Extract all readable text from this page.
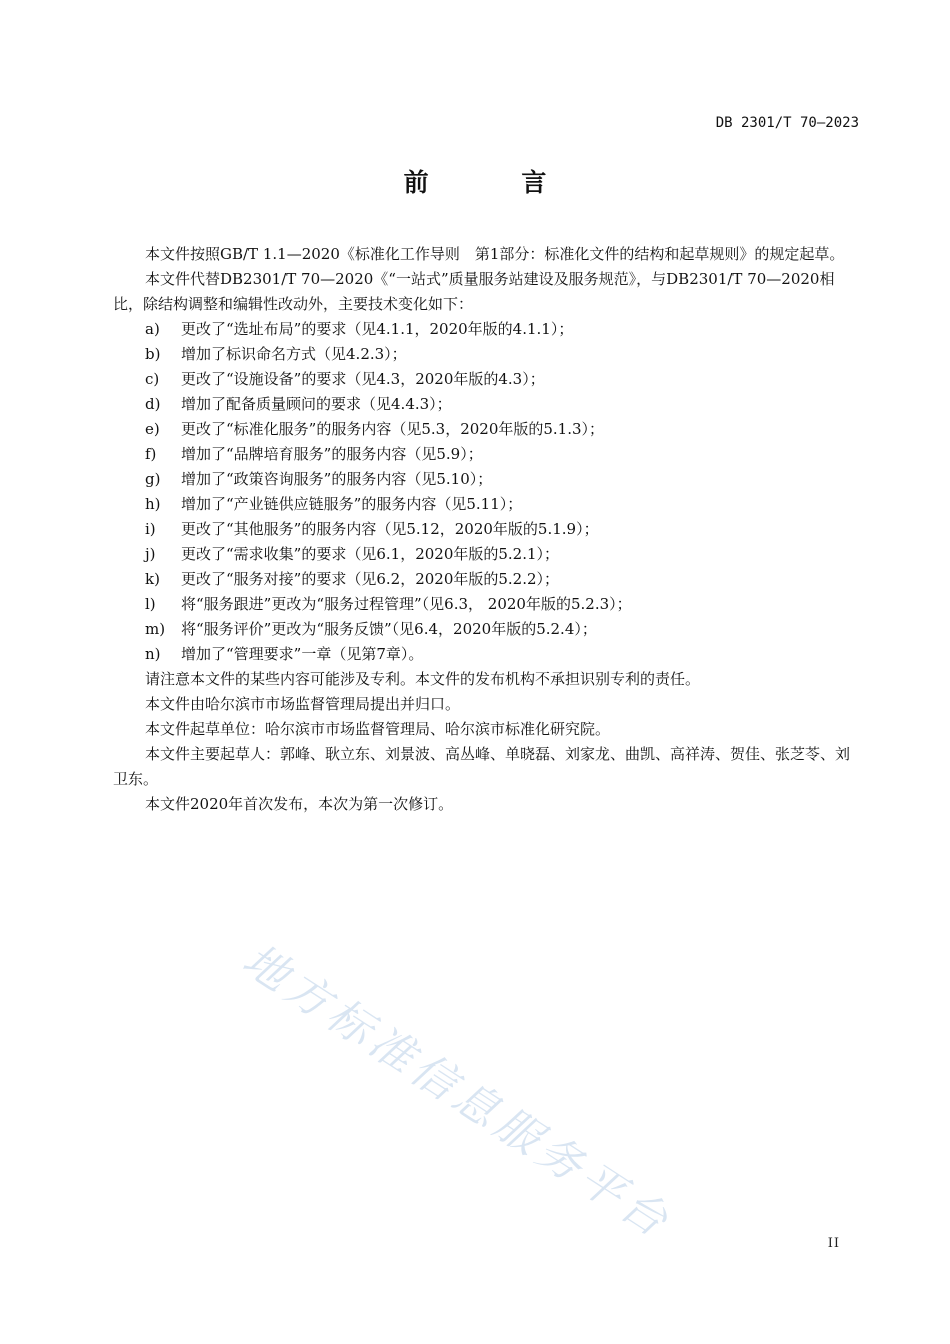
DB 2301/T 70—2023
前 言

本文件按照GB/T 1.1—2020《标准化工作导则　第1部分：标准化文件的结构和起草规则》的规定起草。

本文件代替DB2301/T 70—2020《“一站式”质量服务站建设及服务规范》，与DB2301/T 70—2020相比，除结构调整和编辑性改动外，主要技术变化如下：

a) 更改了“选址布局”的要求（见4.1.1，2020年版的4.1.1）；

b) 增加了标识命名方式（见4.2.3）；

c) 更改了“设施设备”的要求（见4.3，2020年版的4.3）；

d) 增加了配备质量顾问的要求（见4.4.3）；

e) 更改了“标准化服务”的服务内容（见5.3，2020年版的5.1.3）；

f) 增加了“品牌培育服务”的服务内容（见5.9）；

g) 增加了“政策咨询服务”的服务内容（见5.10）；

h) 增加了“产业链供应链服务”的服务内容（见5.11）；

i) 更改了“其他服务”的服务内容（见5.12，2020年版的5.1.9）；

j) 更改了“需求收集”的要求（见6.1，2020年版的5.2.1）；

k) 更改了“服务对接”的要求（见6.2，2020年版的5.2.2）；

l) 将“服务跟进”更改为“服务过程管理”（见6.3， 2020年版的5.2.3）；

m) 将“服务评价”更改为“服务反馈”（见6.4，2020年版的5.2.4）；

n) 增加了“管理要求”一章（见第7章）。

请注意本文件的某些内容可能涉及专利。本文件的发布机构不承担识别专利的责任。

本文件由哈尔滨市市场监督管理局提出并归口。

本文件起草单位：哈尔滨市市场监督管理局、哈尔滨市标准化研究院。

本文件主要起草人：郭峰、耿立东、刘景波、高丛峰、单晓磊、刘家龙、曲凯、高祥涛、贺佳、张芝苓、刘卫东。

本文件2020年首次发布，本次为第一次修订。

地方标准信息服务平台	II
